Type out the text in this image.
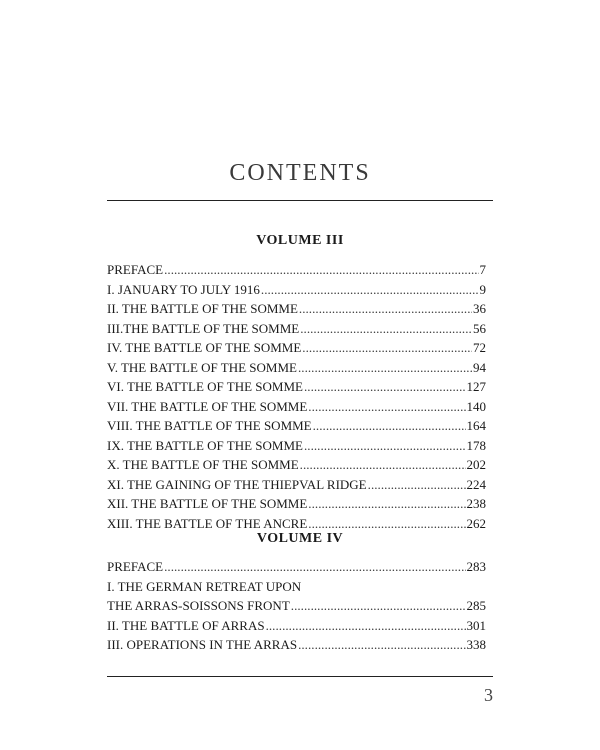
CONTENTS
VOLUME III
PREFACE . . .	7
I. JANUARY TO JULY 1916 . . .	9
II. THE BATTLE OF THE SOMME . . .	36
III.THE BATTLE OF THE SOMME . . .	56
IV. THE BATTLE OF THE SOMME . . .	72
V. THE BATTLE OF THE SOMME . . .	94
VI. THE BATTLE OF THE SOMME . . .	127
VII. THE BATTLE OF THE SOMME . . .	140
VIII. THE BATTLE OF THE SOMME . . .	164
IX. THE BATTLE OF THE SOMME . . .	178
X. THE BATTLE OF THE SOMME . . .	202
XI. THE GAINING OF THE THIEPVAL RIDGE . . .	224
XII. THE BATTLE OF THE SOMME . . .	238
XIII. THE BATTLE OF THE ANCRE . . .	262
VOLUME IV
PREFACE . . .	283
I. THE GERMAN RETREAT UPON
THE ARRAS-SOISSONS FRONT . . .	285
II. THE BATTLE OF ARRAS . . .	301
III. OPERATIONS IN THE ARRAS . . .	338
3
